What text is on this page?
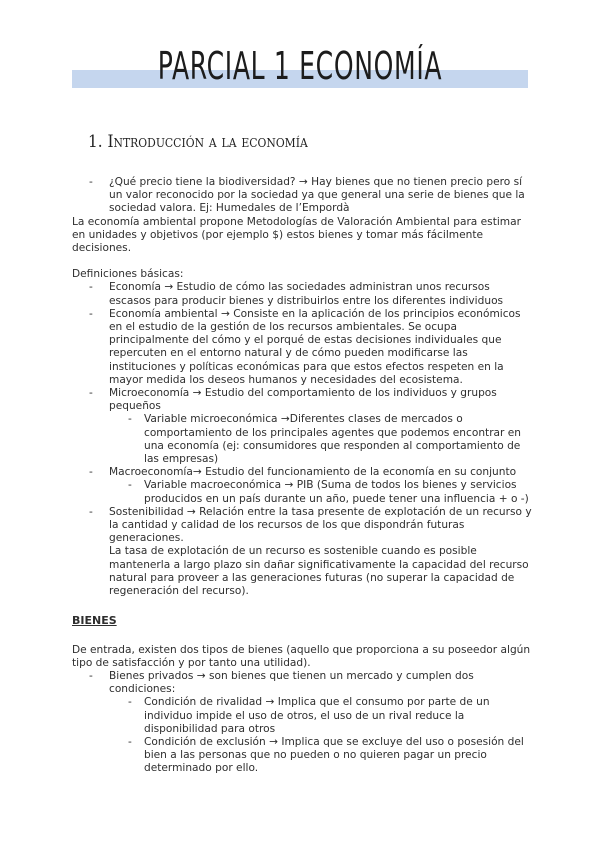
PARCIAL 1 ECONOMÍA
1. Introducción a la economía
- ¿Qué precio tiene la biodiversidad? → Hay bienes que no tienen precio pero sí un valor reconocido por la sociedad ya que general una serie de bienes que la sociedad valora. Ej: Humedales de l’Empordà

La economía ambiental propone Metodologías de Valoración Ambiental para estimar en unidades y objetivos (por ejemplo $) estos bienes y tomar más fácilmente decisiones.

Definiciones básicas:

- Economía → Estudio de cómo las sociedades administran unos recursos escasos para producir bienes y distribuirlos entre los diferentes individuos
- Economía ambiental → Consiste en la aplicación de los principios económicos en el estudio de la gestión de los recursos ambientales. Se ocupa principalmente del cómo y el porqué de estas decisiones individuales que repercuten en el entorno natural y de cómo pueden modificarse las instituciones y políticas económicas para que estos efectos respeten en la mayor medida los deseos humanos y necesidades del ecosistema.
- Microeconomía → Estudio del comportamiento de los individuos y grupos pequeños
- Variable microeconómica →Diferentes clases de mercados o comportamiento de los principales agentes que podemos encontrar en una economía (ej: consumidores que responden al comportamiento de las empresas)
- Macroeconomía→ Estudio del funcionamiento de la economía en su conjunto
- Variable macroeconómica → PIB (Suma de todos los bienes y servicios producidos en un país durante un año, puede tener una influencia + o -)
- Sostenibilidad → Relación entre la tasa presente de explotación de un recurso y la cantidad y calidad de los recursos de los que dispondrán futuras generaciones.

La tasa de explotación de un recurso es sostenible cuando es posible mantenerla a largo plazo sin dañar significativamente la capacidad del recurso natural para proveer a las generaciones futuras (no superar la capacidad de regeneración del recurso).

BIENES

De entrada, existen dos tipos de bienes (aquello que proporciona a su poseedor algún tipo de satisfacción y por tanto una utilidad).

- Bienes privados → son bienes que tienen un mercado y cumplen dos condiciones:
- Condición de rivalidad → Implica que el consumo por parte de un individuo impide el uso de otros, el uso de un rival reduce la disponibilidad para otros
- Condición de exclusión → Implica que se excluye del uso o posesión del bien a las personas que no pueden o no quieren pagar un precio determinado por ello.
